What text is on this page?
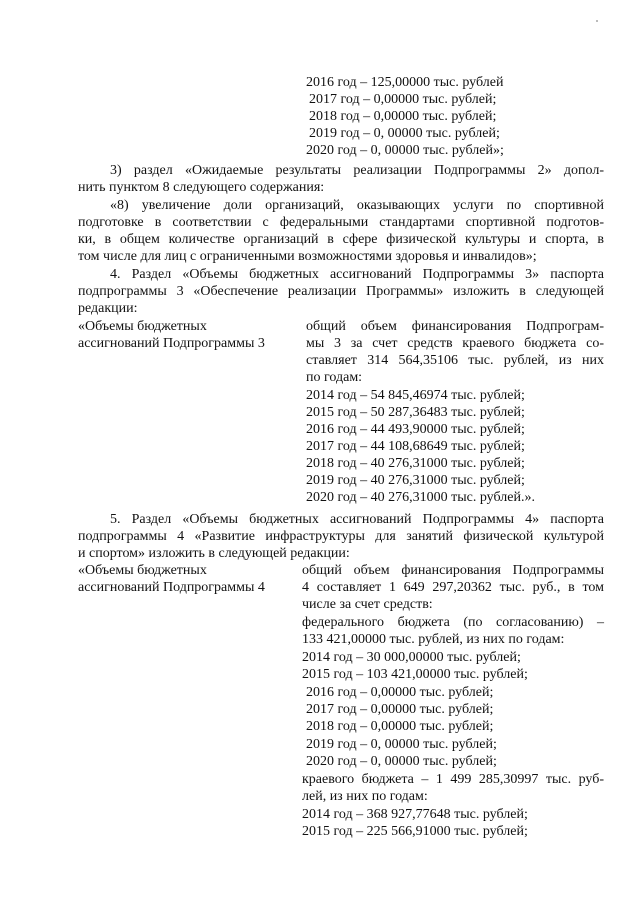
2016 год – 125,00000 тыс. рублей
2017 год – 0,00000 тыс. рублей;
2018 год – 0,00000 тыс. рублей;
2019 год – 0, 00000 тыс. рублей;
2020 год – 0, 00000 тыс. рублей»;
3) раздел «Ожидаемые результаты реализации Подпрограммы 2» допол-
нить пунктом 8 следующего содержания:
«8) увеличение доли организаций, оказывающих услуги по спортивной
подготовке в соответствии с федеральными стандартами спортивной подготов-
ки, в общем количестве организаций в сфере физической культуры и спорта, в
том числе для лиц с ограниченными возможностями здоровья и инвалидов»;
4. Раздел «Объемы бюджетных ассигнований Подпрограммы 3» паспорта
подпрограммы 3 «Обеспечение реализации Программы» изложить в следующей
редакции:
«Объемы бюджетных
ассигнований Подпрограммы 3
общий объем финансирования Подпрограм-
мы 3 за счет средств краевого бюджета со-
ставляет 314 564,35106 тыс. рублей, из них
по годам:
2014 год – 54 845,46974 тыс. рублей;
2015 год – 50 287,36483 тыс. рублей;
2016 год – 44 493,90000 тыс. рублей;
2017 год – 44 108,68649 тыс. рублей;
2018 год – 40 276,31000 тыс. рублей;
2019 год – 40 276,31000 тыс. рублей;
2020 год – 40 276,31000 тыс. рублей.».
5. Раздел «Объемы бюджетных ассигнований Подпрограммы 4» паспорта
подпрограммы 4 «Развитие инфраструктуры для занятий физической культурой
и спортом» изложить в следующей редакции:
«Объемы бюджетных
ассигнований Подпрограммы 4
общий объем финансирования Подпрограммы
4 составляет 1 649 297,20362 тыс. руб., в том
числе за счет средств:
федерального бюджета (по согласованию) –
133 421,00000 тыс. рублей, из них по годам:
2014 год – 30 000,00000 тыс. рублей;
2015 год – 103 421,00000 тыс. рублей;
2016 год – 0,00000 тыс. рублей;
2017 год – 0,00000 тыс. рублей;
2018 год – 0,00000 тыс. рублей;
2019 год – 0, 00000 тыс. рублей;
2020 год – 0, 00000 тыс. рублей;
краевого бюджета – 1 499 285,30997 тыс. руб-
лей, из них по годам:
2014 год – 368 927,77648 тыс. рублей;
2015 год – 225 566,91000 тыс. рублей;
